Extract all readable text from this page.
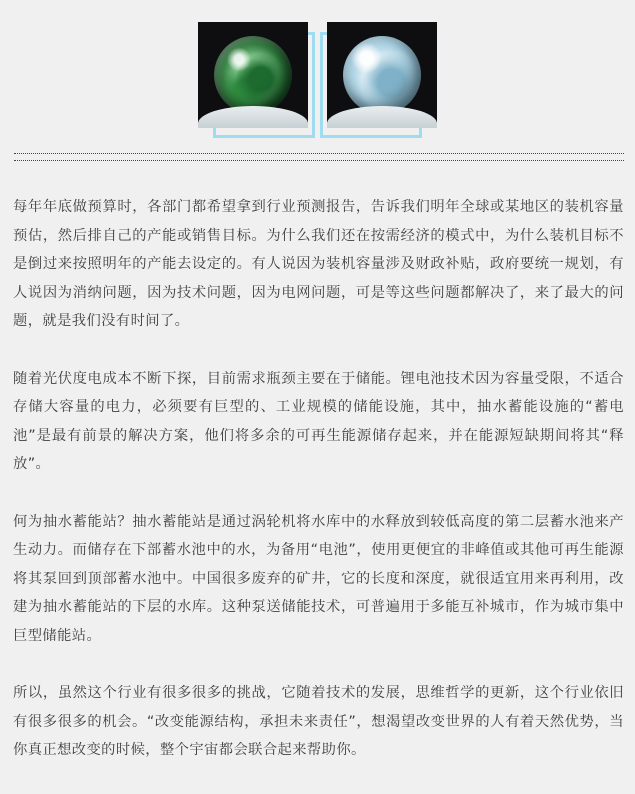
每年年底做预算时，各部门都希望拿到行业预测报告，告诉我们明年全球或某地区的装机容量预估，然后排自己的产能或销售目标。为什么我们还在按需经济的模式中，为什么装机目标不是倒过来按照明年的产能去设定的。有人说因为装机容量涉及财政补贴，政府要统一规划，有人说因为消纳问题，因为技术问题，因为电网问题，可是等这些问题都解决了，来了最大的问题，就是我们没有时间了。

随着光伏度电成本不断下探，目前需求瓶颈主要在于储能。锂电池技术因为容量受限，不适合存储大容量的电力，必须要有巨型的、工业规模的储能设施，其中，抽水蓄能设施的“蓄电池”是最有前景的解决方案，他们将多余的可再生能源储存起来，并在能源短缺期间将其“释放”。

何为抽水蓄能站？抽水蓄能站是通过涡轮机将水库中的水释放到较低高度的第二层蓄水池来产生动力。而储存在下部蓄水池中的水，为备用“电池”，使用更便宜的非峰值或其他可再生能源将其泵回到顶部蓄水池中。中国很多废弃的矿井，它的长度和深度，就很适宜用来再利用，改建为抽水蓄能站的下层的水库。这种泵送储能技术，可普遍用于多能互补城市，作为城市集中巨型储能站。

所以，虽然这个行业有很多很多的挑战，它随着技术的发展，思维哲学的更新，这个行业依旧有很多很多的机会。“改变能源结构，承担未来责任”，想渴望改变世界的人有着天然优势，当你真正想改变的时候，整个宇宙都会联合起来帮助你。
